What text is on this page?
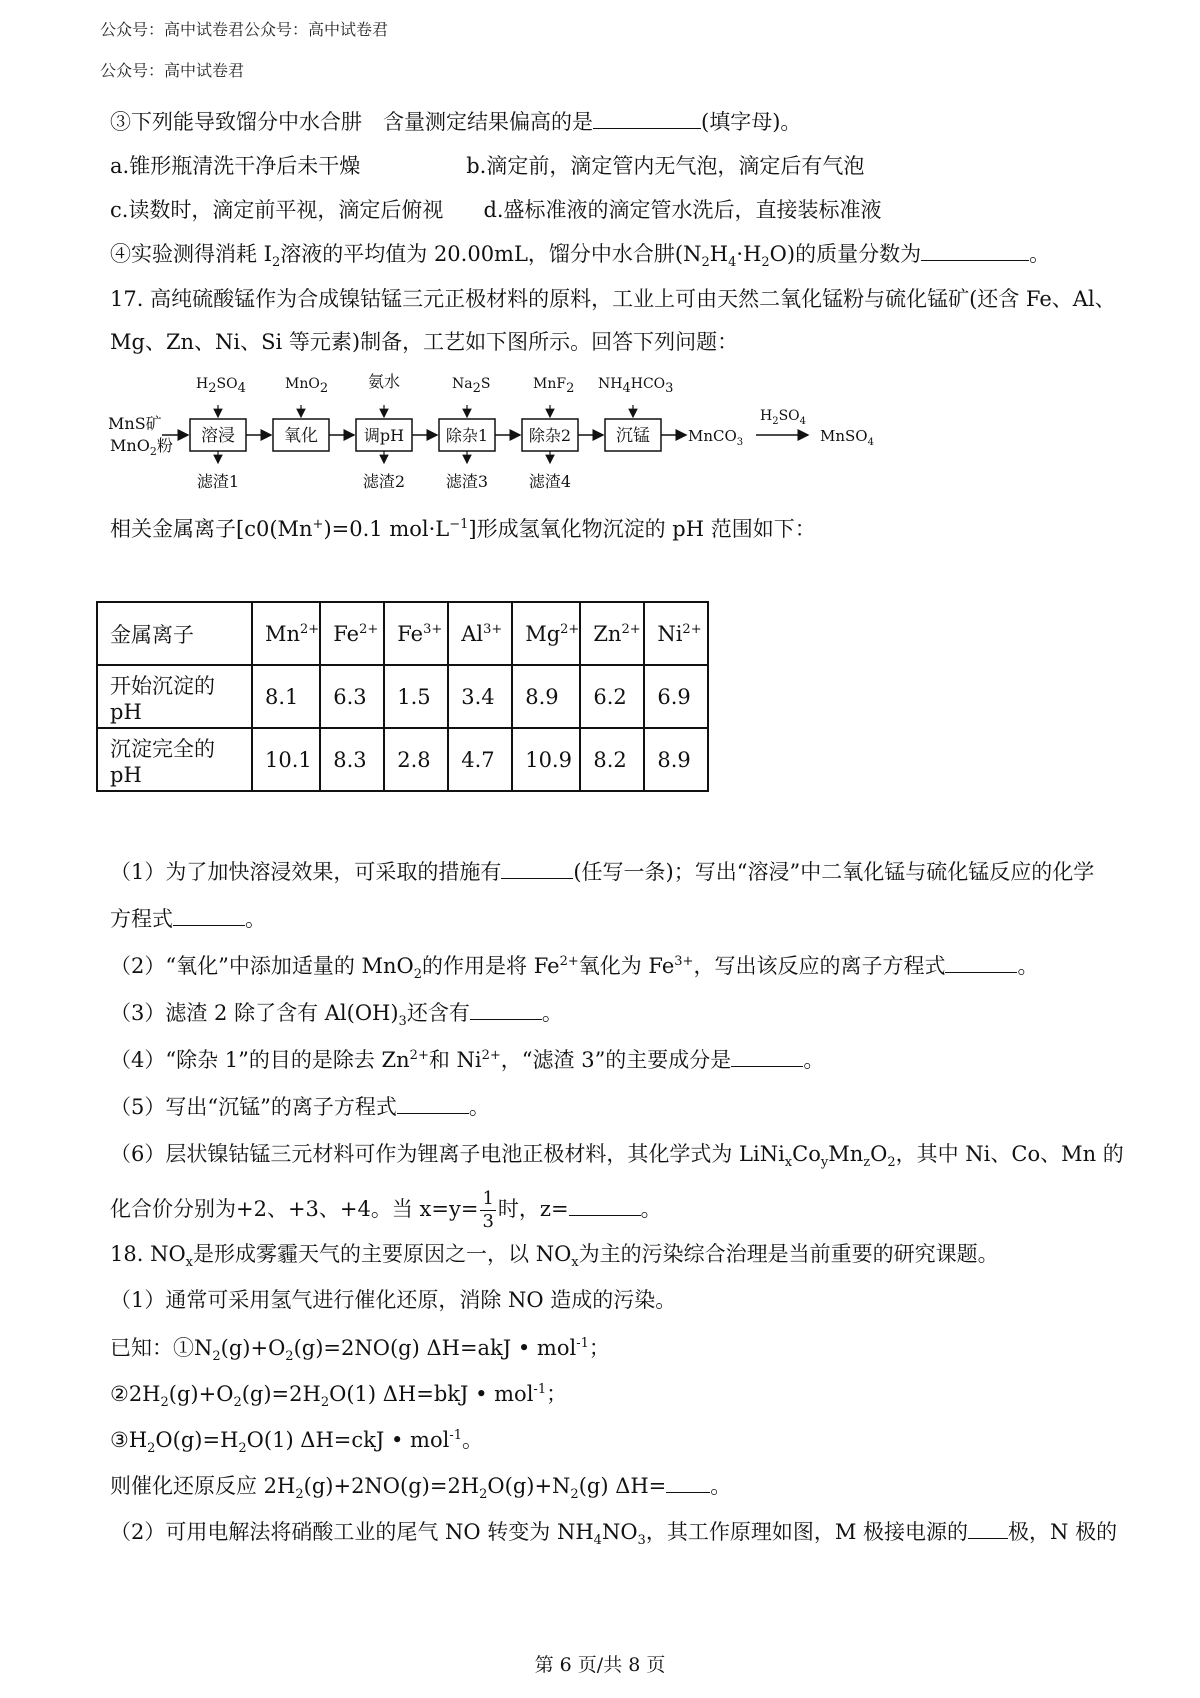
公众号：高中试卷君公众号：高中试卷君
公众号：高中试卷君
③下列能导致馏分中水合肼　含量测定结果偏高的是	(填字母)。
a.锥形瓶清洗干净后未干燥	b.滴定前，滴定管内无气泡，滴定后有气泡
c.读数时，滴定前平视，滴定后俯视 d.盛标准液的滴定管水洗后，直接装标准液
④实验测得消耗 $I_2$溶液的平均值为 20.00mL，馏分中水合肼$(N_2H_4\cdot H_2O)$的质量分数为	。
17. 高纯硫酸锰作为合成镍钴锰三元正极材料的原料，工业上可由天然二氧化锰粉与硫化锰矿(还含 Fe、Al、
Mg、Zn、Ni、Si 等元素)制备，工艺如下图所示。回答下列问题：
MnS矿
MnO$_2$粉 溶浸	氧化	调pH	除杂1	除杂2	沉锰	MnCO$_3$
$H_2SO_4$
MnSO$_4$
滤渣1	滤渣2	滤渣3	滤渣4
$H_2SO_4$	MnO$_2$ 氨水	$Na_2S$	MnF$_2$ $NH_4HCO_3$
相关金属离子[c0(Mn+)=0.1 $mol\cdot L^{-1}$]形成氢氧化物沉淀的 pH 范围如下：
金属离子	$Mn^{2+}$	$Fe^{2+}$	$Fe^{3+}$	$Al^{3+}$	$Mg^{2+}$	$Zn^{2+}$	$Ni^{2+}$
开始沉淀的 pH	8.1	6.3	1.5	3.4	8.9	6.2	6.9
沉淀完全的 pH	10.1	8.3	2.8	4.7	10.9	8.2	8.9
（1）为了加快溶浸效果，可采取的措施有	(任写一条)；写出“溶浸”中二氧化锰与硫化锰反应的化学
方程式	。
（2）“氧化”中添加适量的 MnO$_2$的作用是将 $Fe^{2+}$氧化为 $Fe^{3+}$，写出该反应的离子方程式	。
（3）滤渣 2 除了含有 $Al(OH)_3$还含有	。
（4）“除杂 1”的目的是除去 $Zn^{2+}$和 $Ni^{2+}$，“滤渣 3”的主要成分是	。
（5）写出“沉锰”的离子方程式	。
（6）层状镍钴锰三元材料可作为锂离子电池正极材料，其化学式为 $LiNi_xCo_yMn_zO_2$，其中 Ni、Co、Mn 的
化合价分别为+2、+3、+4。当 $x=y= \frac{1}{3}$ 时，z=	。
18. $NO_x$是形成雾霾天气的主要原因之一，以 $NO_x$为主的污染综合治理是当前重要的研究课题。
（1）通常可采用氢气进行催化还原，消除 NO 造成的污染。
已知：$①N_2(g)+O_2(g)=2NO(g)$ ΔH=akJ • mol$^{-1}$；
$②2H_2(g)+O_2(g)=2H_2O(1)$ ΔH=bkJ • mol$^{-1}$；
$③H_2O(g)=H_2O(1)$ ΔH=ckJ • mol$^{-1}$。
则催化还原反应 $2H_2(g)+2NO(g)=2H_2O(g)+N_2(g)$ ΔH= 。
（2）可用电解法将硝酸工业的尾气 NO 转变为 $NH_4NO_3$，其工作原理如图，M 极接电源的 极，N 极的
第 6 页/共 8 页
